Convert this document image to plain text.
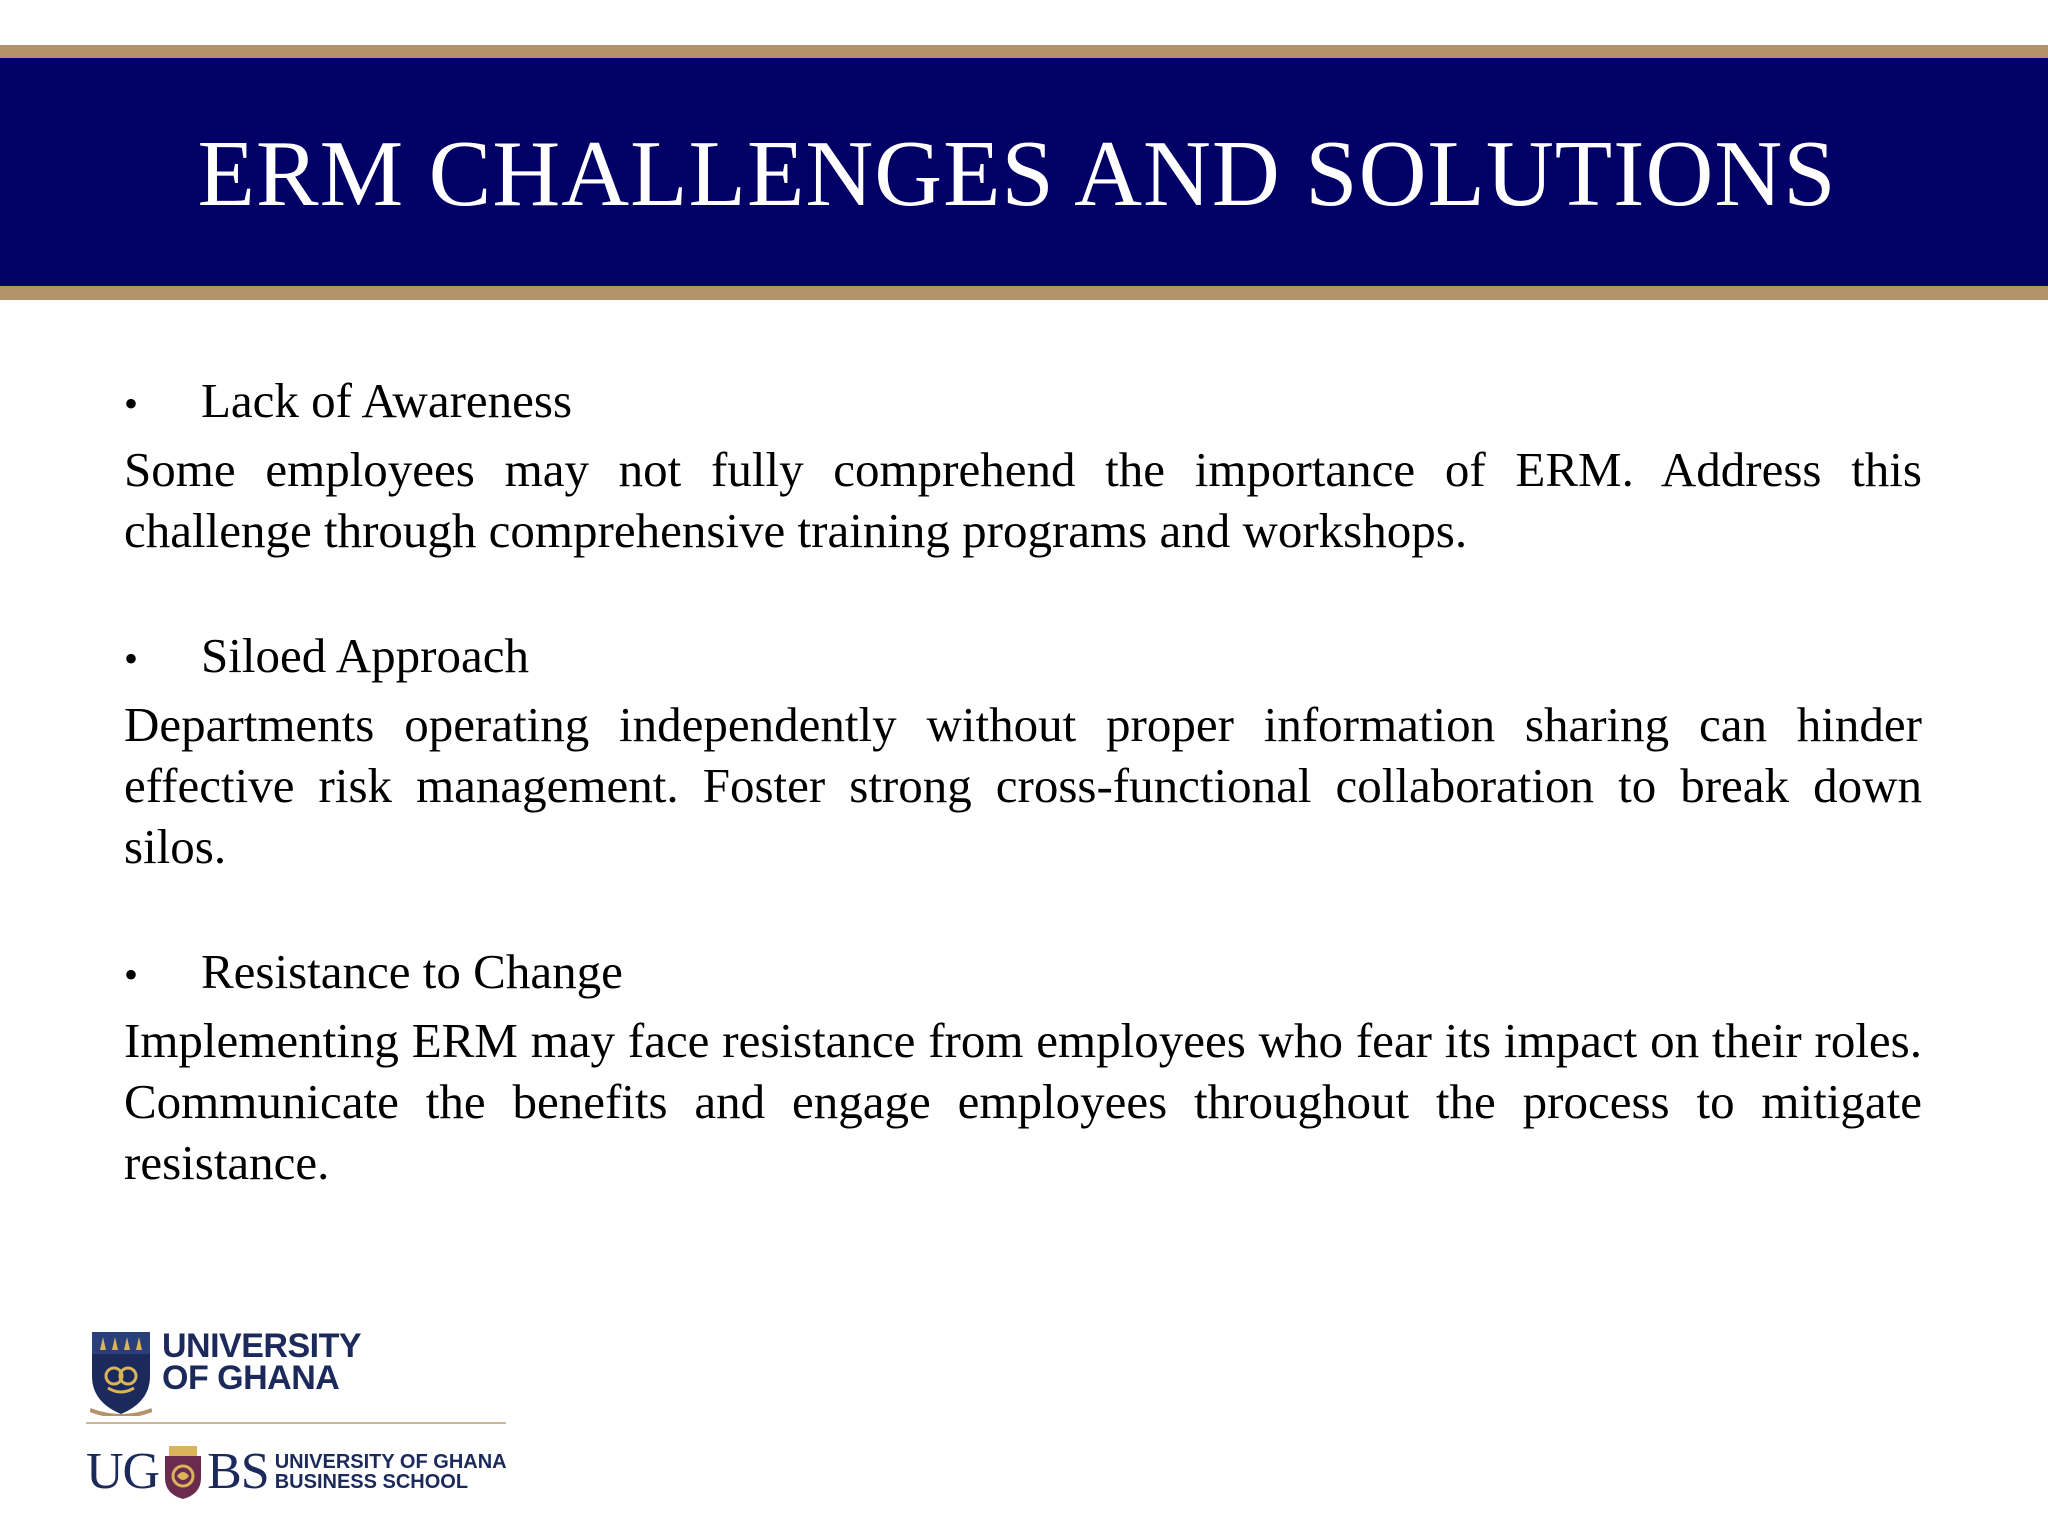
ERM CHALLENGES AND SOLUTIONS
•	Lack of Awareness

Some employees may not fully comprehend the importance of ERM. Address this challenge through comprehensive training programs and workshops.

•	Siloed Approach

Departments operating independently without proper information sharing can hinder effective risk management. Foster strong cross-functional collaboration to break down silos.

•	Resistance to Change

Implementing ERM may face resistance from employees who fear its impact on their roles. Communicate the benefits and engage employees throughout the process to mitigate resistance.

UNIVERSITY
OF GHANA
UG BS UNIVERSITY OF GHANA
BUSINESS SCHOOL
